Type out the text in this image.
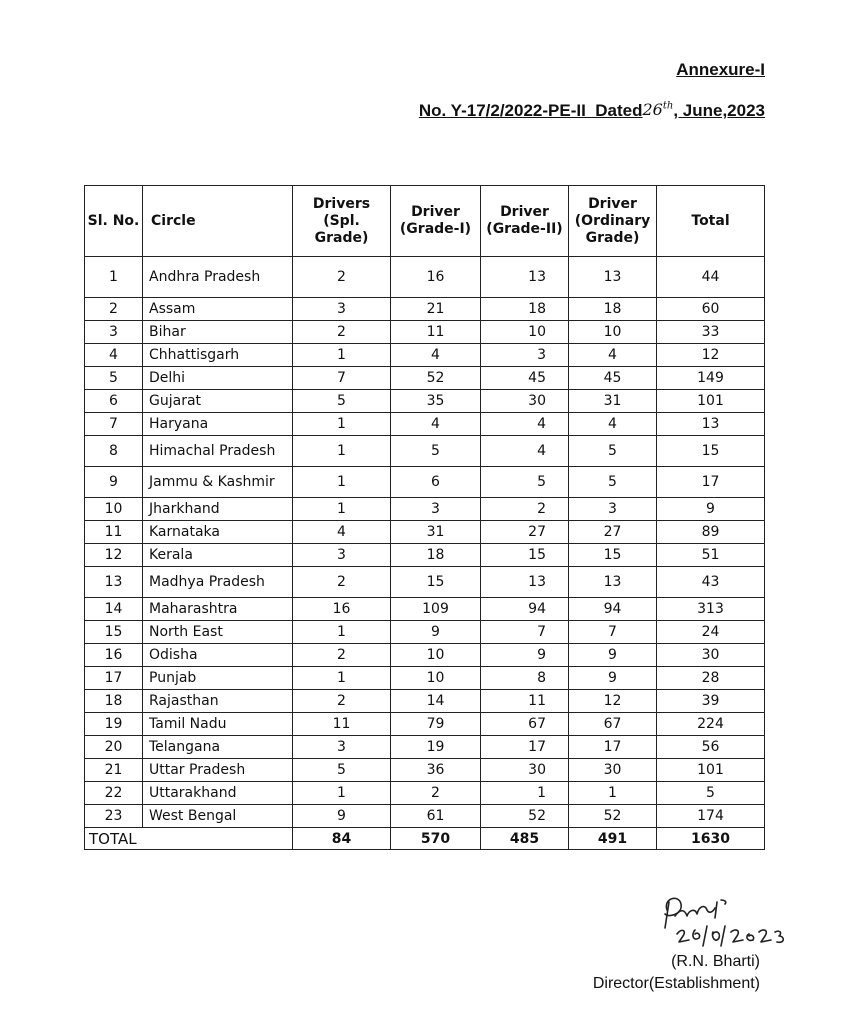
Annexure-I
No. Y-17/2/2022-PE-II  Dated26th, June,2023
Sl. No.	Circle	Drivers (Spl. Grade)	Driver (Grade-I)	Driver (Grade-II)	Driver (Ordinary Grade)	Total
1	Andhra Pradesh	2	16	13	13	44
2	Assam	3	21	18	18	60
3	Bihar	2	11	10	10	33
4	Chhattisgarh	1	4	3	4	12
5	Delhi	7	52	45	45	149
6	Gujarat	5	35	30	31	101
7	Haryana	1	4	4	4	13
8	Himachal Pradesh	1	5	4	5	15
9	Jammu & Kashmir	1	6	5	5	17
10	Jharkhand	1	3	2	3	9
11	Karnataka	4	31	27	27	89
12	Kerala	3	18	15	15	51
13	Madhya Pradesh	2	15	13	13	43
14	Maharashtra	16	109	94	94	313
15	North East	1	9	7	7	24
16	Odisha	2	10	9	9	30
17	Punjab	1	10	8	9	28
18	Rajasthan	2	14	11	12	39
19	Tamil Nadu	11	79	67	67	224
20	Telangana	3	19	17	17	56
21	Uttar Pradesh	5	36	30	30	101
22	Uttarakhand	1	2	1	1	5
23	West Bengal	9	61	52	52	174
TOTAL		84	570	485	491	1630
(R.N. Bharti)
Director(Establishment)
